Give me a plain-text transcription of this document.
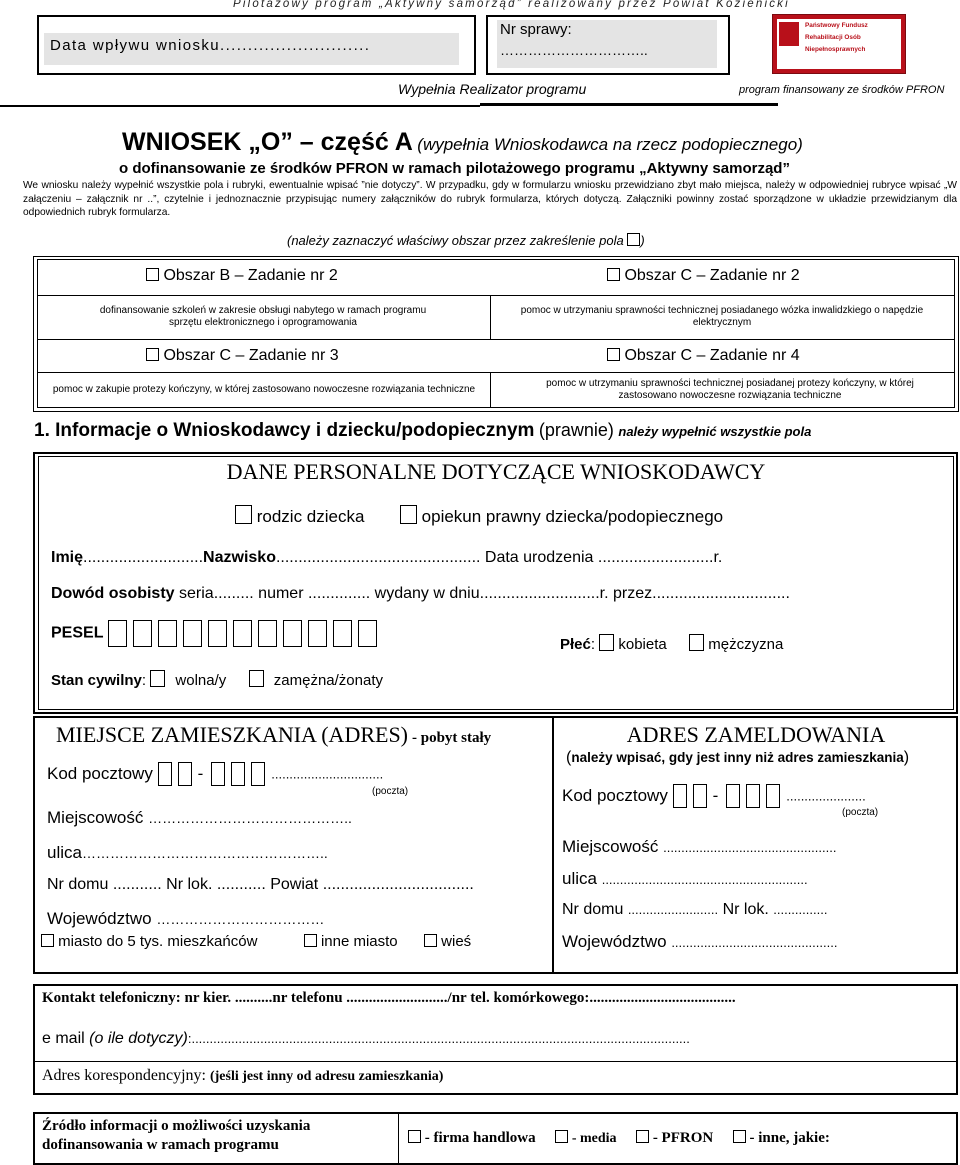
Pilotażowy program „Aktywny samorząd” realizowany przez Powiat Kozienicki
Data wpływu wniosku...........................
Nr sprawy:
…………………………..
Państwowy Fundusz
Rehabilitacji Osób
Niepełnosprawnych
Wypełnia Realizator programu	program finansowany ze środków PFRON
WNIOSEK „O” – część A (wypełnia Wnioskodawca na rzecz podopiecznego)
o dofinansowanie ze środków PFRON w ramach pilotażowego programu „Aktywny samorząd”
We wniosku należy wypełnić wszystkie pola i rubryki, ewentualnie wpisać ”nie dotyczy”. W przypadku, gdy w formularzu wniosku przewidziano zbyt mało miejsca, należy w odpowiedniej rubryce wpisać „W załączeniu – załącznik nr ..”, czytelnie i jednoznacznie przypisując numery załączników do rubryk formularza, których dotyczą. Załączniki powinny zostać sporządzone w układzie przewidzianym dla odpowiednich rubryk formularza.
(należy zaznaczyć właściwy obszar przez zakreślenie pola )
Obszar B – Zadanie nr 2
dofinansowanie szkoleń w zakresie obsługi nabytego w ramach programu sprzętu elektronicznego i oprogramowania
Obszar C – Zadanie nr 2
pomoc w utrzymaniu sprawności technicznej posiadanego wózka inwalidzkiego o napędzie elektrycznym
Obszar C – Zadanie nr 3
pomoc w zakupie protezy kończyny, w której zastosowano nowoczesne rozwiązania techniczne
Obszar C – Zadanie nr 4
pomoc w utrzymaniu sprawności technicznej posiadanej protezy kończyny, w której zastosowano nowoczesne rozwiązania techniczne
1. Informacje o Wnioskodawcy i dziecku/podopiecznym (prawnie) należy wypełnić wszystkie pola
DANE PERSONALNE DOTYCZĄCE WNIOSKODAWCY
rodzic dziecka	opiekun prawny dziecka/podopiecznego
Imię...........................Nazwisko.............................................. Data urodzenia ..........................r.
Dowód osobisty seria......... numer .............. wydany w dniu...........................r. przez...............................
PESEL
Płeć: kobieta	mężczyzna
Stan cywilny: wolna/y	zamężna/żonaty
MIEJSCE ZAMIESZKANIA (ADRES) - pobyt stały
Kod pocztowy	-	...............................
(poczta)
Miejscowość ……………………………………..
ulica……………………………………………..
Nr domu ........... Nr lok. ........... Powiat ..................................
Województwo ………………………………
miasto do 5 tys. mieszkańców	inne miasto	wieś
ADRES ZAMELDOWANIA
(należy wpisać, gdy jest inny niż adres zamieszkania)
Kod pocztowy	-	......................
(poczta)
Miejscowość ................................................
ulica .........................................................
Nr domu ......................... Nr lok. ...............
Województwo ..............................................
Kontakt telefoniczny: nr kier. ..........nr telefonu .........................../nr tel. komórkowego:.......................................
e mail (o ile dotyczy):..........................................................................................................................................
Adres korespondencyjny: (jeśli jest inny od adresu zamieszkania)
Źródło informacji o możliwości uzyskania dofinansowania w ramach programu	- firma handlowa	- media - PFRON - inne, jakie:
